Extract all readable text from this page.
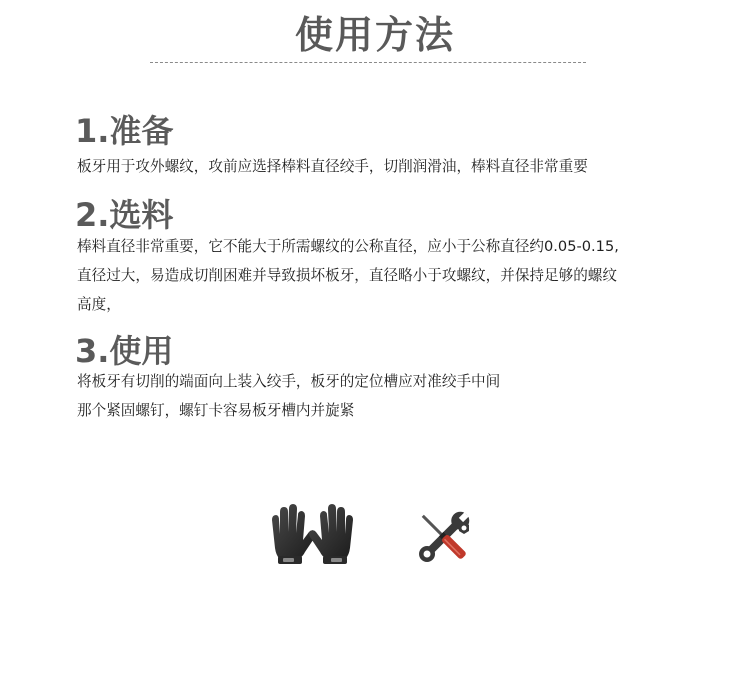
使用方法
1.准备
板牙用于攻外螺纹，攻前应选择棒料直径绞手，切削润滑油，棒料直径非常重要
2.选料
棒料直径非常重要，它不能大于所需螺纹的公称直径，应小于公称直径约0.05-0.15,
直径过大，易造成切削困难并导致损坏板牙，直径略小于攻螺纹，并保持足够的螺纹
高度，
3.使用
将板牙有切削的端面向上装入绞手，板牙的定位槽应对准绞手中间
那个紧固螺钉，螺钉卡容易板牙槽内并旋紧
